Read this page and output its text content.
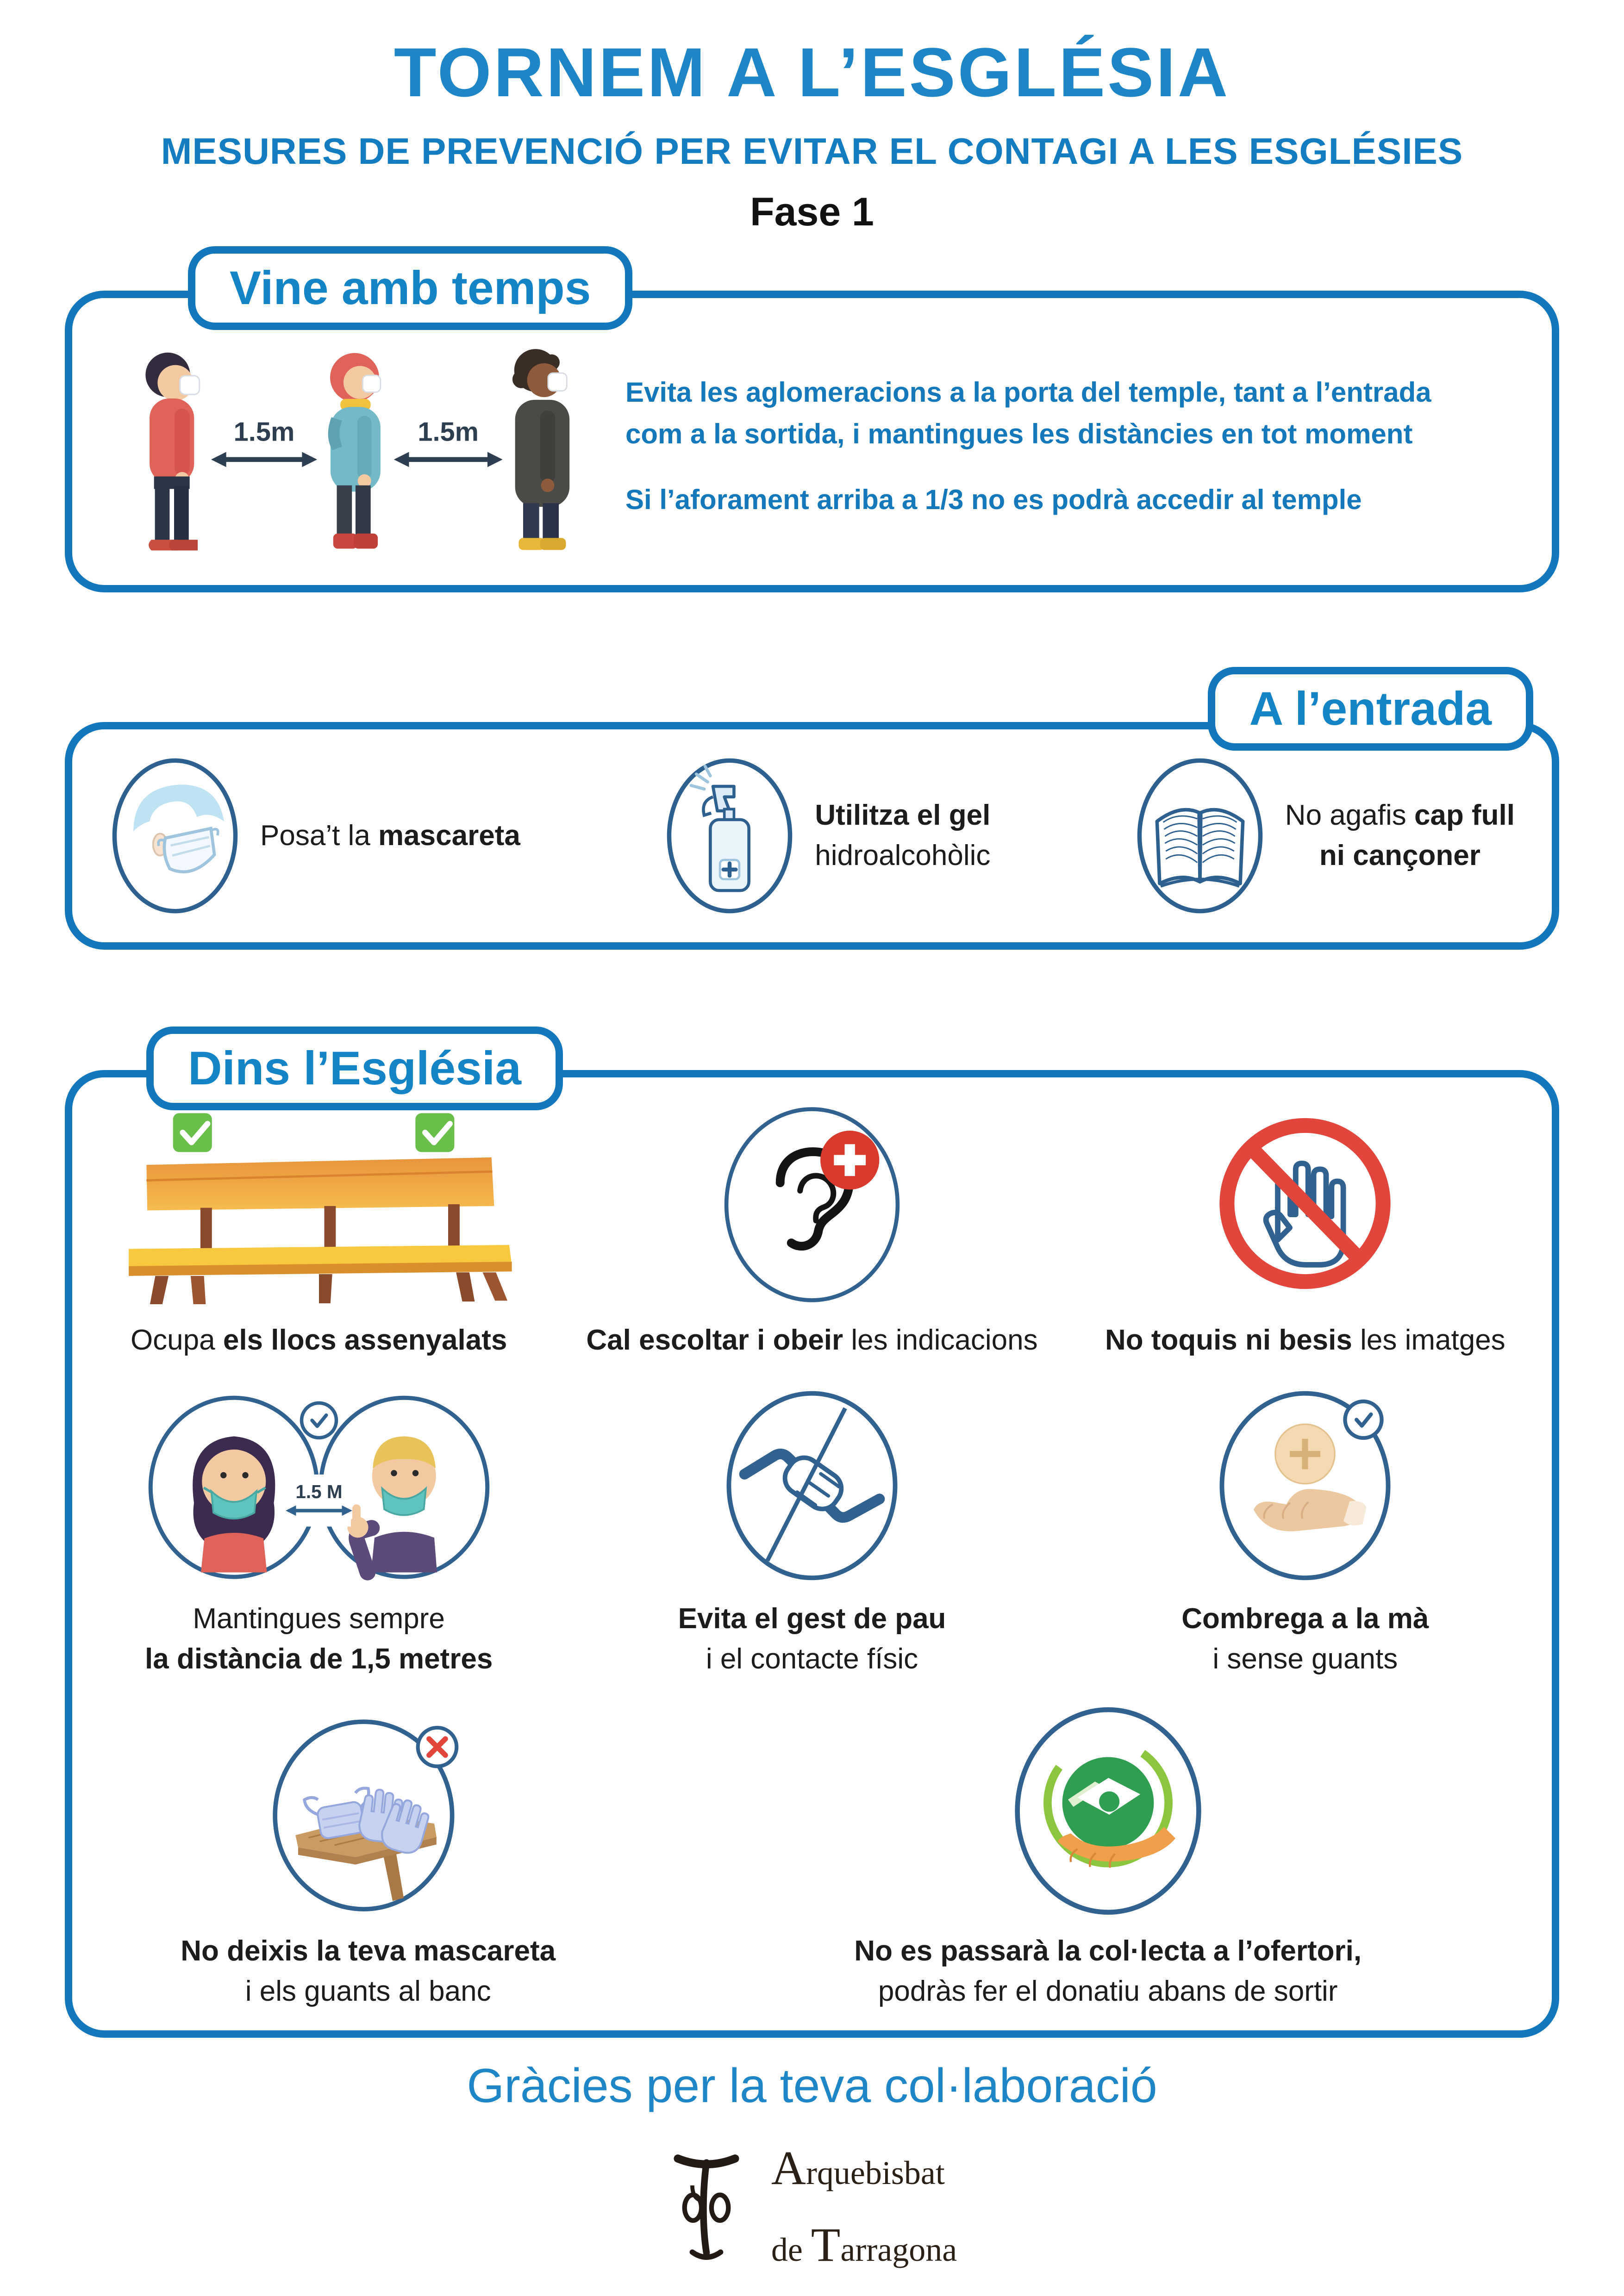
TORNEM A L’ESGLÉSIA
MESURES DE PREVENCIÓ PER EVITAR EL CONTAGI A LES ESGLÉSIES
Fase 1
Vine amb temps
1.5m	1.5m
Evita les aglomeracions a la porta del temple, tant a l’entrada
com a la sortida, i mantingues les distàncies en tot moment
Si l’aforament arriba a 1/3 no es podrà accedir al temple
A l’entrada
Posa’t la mascareta
Utilitza el gel
hidroalcohòlic
No agafis cap full
ni cançoner
Dins l’Església
Ocupa els llocs assenyalats	Cal escoltar i obeir les indicacions No toquis ni besis les imatges
1.5 M
Mantingues sempre
la distància de 1,5 metres
Evita el gest de pau
i el contacte físic
Combrega a la mà
i sense guants
No deixis la teva mascareta
i els guants al banc
No es passarà la col·lecta a l’ofertori,
podràs fer el donatiu abans de sortir
Gràcies per la teva col·laboració
Arquebisbat
de Tarragona
